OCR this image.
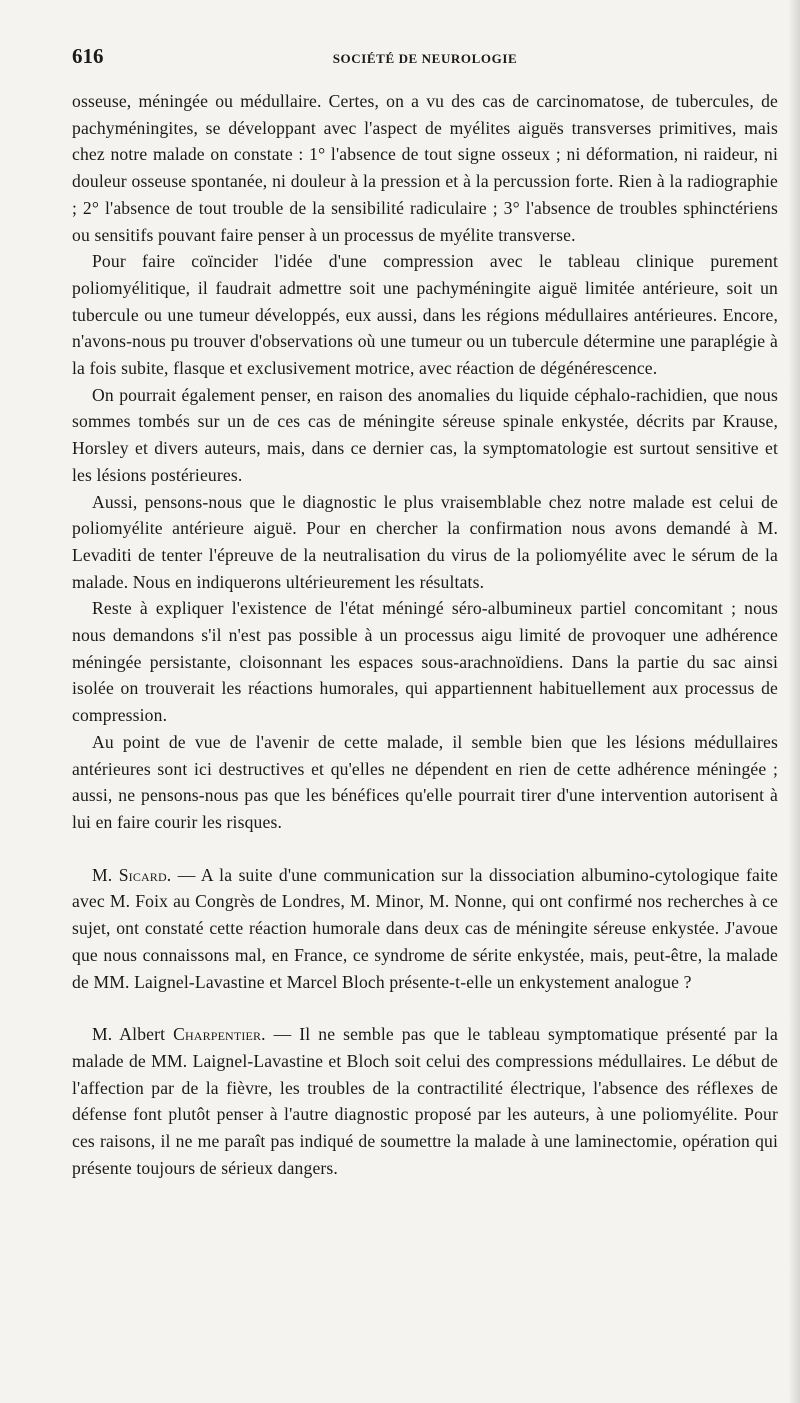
616	SOCIÉTÉ DE NEUROLOGIE

osseuse, méningée ou médullaire. Certes, on a vu des cas de carcinomatose, de tubercules, de pachyméningites, se développant avec l'aspect de myélites aiguës transverses primitives, mais chez notre malade on constate : 1° l'absence de tout signe osseux ; ni déformation, ni raideur, ni douleur osseuse spontanée, ni douleur à la pression et à la percussion forte. Rien à la radiographie ; 2° l'absence de tout trouble de la sensibilité radiculaire ; 3° l'absence de troubles sphinctériens ou sensitifs pouvant faire penser à un processus de myélite transverse.

Pour faire coïncider l'idée d'une compression avec le tableau clinique purement poliomyélitique, il faudrait admettre soit une pachyméningite aiguë limitée antérieure, soit un tubercule ou une tumeur développés, eux aussi, dans les régions médullaires antérieures. Encore, n'avons-nous pu trouver d'observations où une tumeur ou un tubercule détermine une paraplégie à la fois subite, flasque et exclusivement motrice, avec réaction de dégénérescence.

On pourrait également penser, en raison des anomalies du liquide céphalo-rachidien, que nous sommes tombés sur un de ces cas de méningite séreuse spinale enkystée, décrits par Krause, Horsley et divers auteurs, mais, dans ce dernier cas, la symptomatologie est surtout sensitive et les lésions postérieures.

Aussi, pensons-nous que le diagnostic le plus vraisemblable chez notre malade est celui de poliomyélite antérieure aiguë. Pour en chercher la confirmation nous avons demandé à M. Levaditi de tenter l'épreuve de la neutralisation du virus de la poliomyélite avec le sérum de la malade. Nous en indiquerons ultérieurement les résultats.

Reste à expliquer l'existence de l'état méningé séro-albumineux partiel concomitant ; nous nous demandons s'il n'est pas possible à un processus aigu limité de provoquer une adhérence méningée persistante, cloisonnant les espaces sous-arachnoïdiens. Dans la partie du sac ainsi isolée on trouverait les réactions humorales, qui appartiennent habituellement aux processus de compression.

Au point de vue de l'avenir de cette malade, il semble bien que les lésions médullaires antérieures sont ici destructives et qu'elles ne dépendent en rien de cette adhérence méningée ; aussi, ne pensons-nous pas que les bénéfices qu'elle pourrait tirer d'une intervention autorisent à lui en faire courir les risques.

M. Sicard. — A la suite d'une communication sur la dissociation albumino-cytologique faite avec M. Foix au Congrès de Londres, M. Minor, M. Nonne, qui ont confirmé nos recherches à ce sujet, ont constaté cette réaction humorale dans deux cas de méningite séreuse enkystée. J'avoue que nous connaissons mal, en France, ce syndrome de sérite enkystée, mais, peut-être, la malade de MM. Laignel-Lavastine et Marcel Bloch présente-t-elle un enkystement analogue ?

M. Albert Charpentier. — Il ne semble pas que le tableau symptomatique présenté par la malade de MM. Laignel-Lavastine et Bloch soit celui des compressions médullaires. Le début de l'affection par de la fièvre, les troubles de la contractilité électrique, l'absence des réflexes de défense font plutôt penser à l'autre diagnostic proposé par les auteurs, à une poliomyélite. Pour ces raisons, il ne me paraît pas indiqué de soumettre la malade à une laminectomie, opération qui présente toujours de sérieux dangers.
